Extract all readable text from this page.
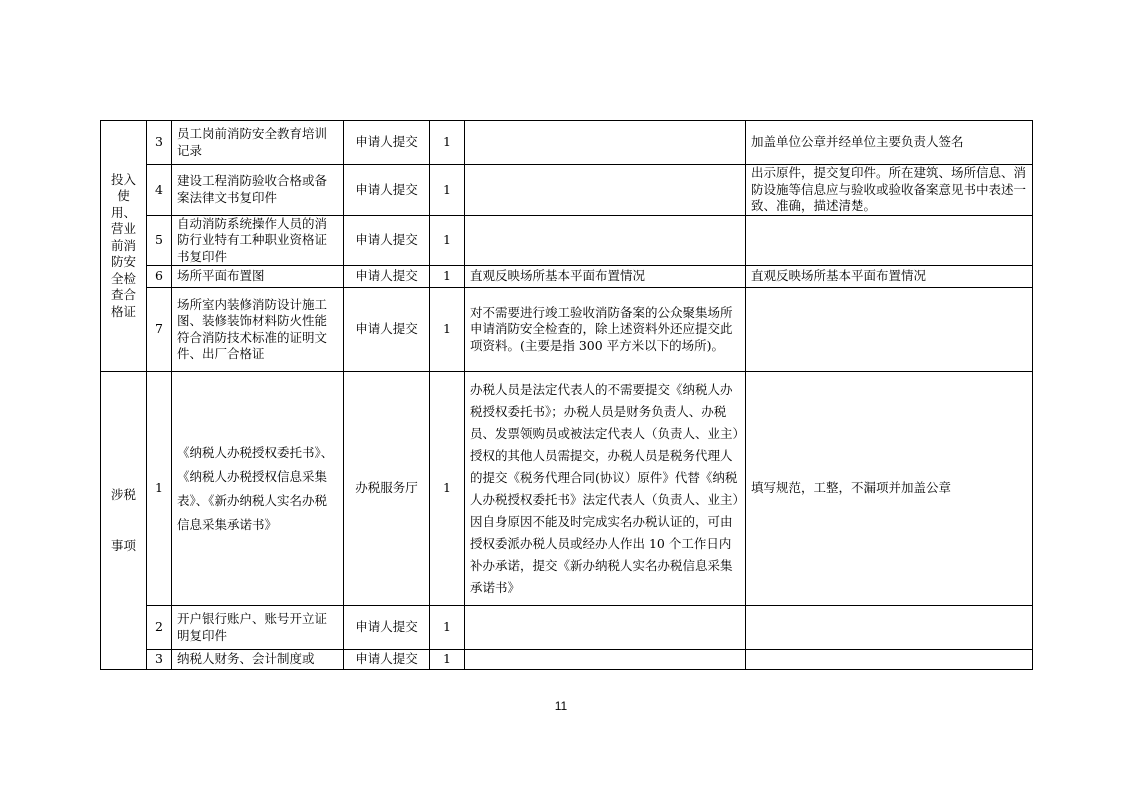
投入使用、营业前消防安全检查合格证	3	员工岗前消防安全教育培训记录	申请人提交	1		加盖单位公章并经单位主要负责人签名
	4	建设工程消防验收合格或备案法律文书复印件	申请人提交	1		出示原件，提交复印件。所在建筑、场所信息、消防设施等信息应与验收或验收备案意见书中表述一致、准确，描述清楚。
	5	自动消防系统操作人员的消防行业特有工种职业资格证书复印件	申请人提交	1		
	6	场所平面布置图	申请人提交	1	直观反映场所基本平面布置情况	直观反映场所基本平面布置情况
	7	场所室内装修消防设计施工图、装修装饰材料防火性能符合消防技术标准的证明文件、出厂合格证	申请人提交	1	对不需要进行竣工验收消防备案的公众聚集场所申请消防安全检查的，除上述资料外还应提交此项资料。(主要是指 300 平方米以下的场所)。	

涉税
事项	1	《纳税人办税授权委托书》、《纳税人办税授权信息采集表》、《新办纳税人实名办税信息采集承诺书》	办税服务厅	1	办税人员是法定代表人的不需要提交《纳税人办税授权委托书》；办税人员是财务负责人、办税员、发票领购员或被法定代表人（负责人、业主）授权的其他人员需提交，办税人员是税务代理人的提交《税务代理合同(协议）原件》代替《纳税人办税授权委托书》法定代表人（负责人、业主）因自身原因不能及时完成实名办税认证的，可由授权委派办税人员或经办人作出 10 个工作日内补办承诺，提交《新办纳税人实名办税信息采集承诺书》	填写规范，工整，不漏项并加盖公章
	2	开户银行账户、账号开立证明复印件	申请人提交	1		
	3	纳税人财务、会计制度或	申请人提交	1		
11
